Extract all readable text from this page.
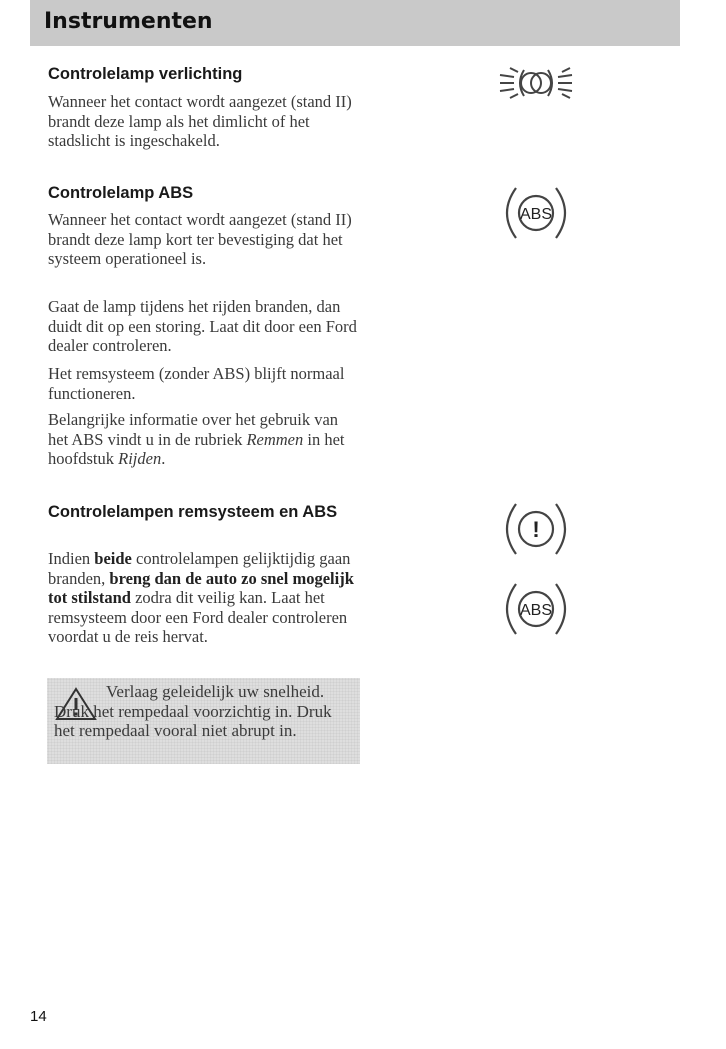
Instrumenten
Controlelamp verlichting

Wanneer het contact wordt aangezet (stand II) brandt deze lamp als het dimlicht of het stadslicht is ingeschakeld.

Controlelamp ABS

Wanneer het contact wordt aangezet (stand II) brandt deze lamp kort ter bevestiging dat het systeem operationeel is.

Gaat de lamp tijdens het rijden branden, dan duidt dit op een storing. Laat dit door een Ford dealer controleren.

Het remsysteem (zonder ABS) blijft normaal functioneren.

Belangrijke informatie over het gebruik van het ABS vindt u in de rubriek Remmen in het hoofdstuk Rijden.

Controlelampen remsysteem en ABS

Indien beide controlelampen gelijktijdig gaan branden, breng dan de auto zo snel mogelijk tot stilstand zodra dit veilig kan. Laat het remsysteem door een Ford dealer controleren voordat u de reis hervat.

Verlaag geleidelijk uw snelheid. Druk het rempedaal voorzichtig in. Druk het rempedaal vooral niet abrupt in.
ABS
!
ABS
14
